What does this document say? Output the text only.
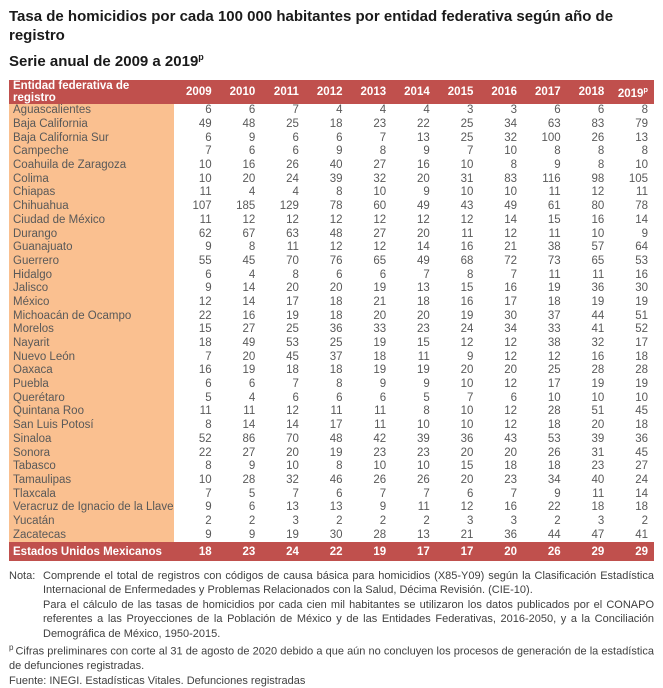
Tasa de homicidios por cada 100 000 habitantes por entidad federativa según año de registro
Serie anual de 2009 a 2019$^p$
Entidad federativa de registro	2009	2010	2011	2012	2013	2014	2015	2016	2017	2018	2019$^p$
Aguascalientes	6	6	7	4	4	4	3	3	6	6	8
Baja California	49	48	25	18	23	22	25	34	63	83	79
Baja California Sur	6	9	6	6	7	13	25	32	100	26	13
Campeche	7	6	6	9	8	9	7	10	8	8	8
Coahuila de Zaragoza	10	16	26	40	27	16	10	8	9	8	10
Colima	10	20	24	39	32	20	31	83	116	98	105
Chiapas	11	4	4	8	10	9	10	10	11	12	11
Chihuahua	107	185	129	78	60	49	43	49	61	80	78
Ciudad de México	11	12	12	12	12	12	12	14	15	16	14
Durango	62	67	63	48	27	20	11	12	11	10	9
Guanajuato	9	8	11	12	12	14	16	21	38	57	64
Guerrero	55	45	70	76	65	49	68	72	73	65	53
Hidalgo	6	4	8	6	6	7	8	7	11	11	16
Jalisco	9	14	20	20	19	13	15	16	19	36	30
México	12	14	17	18	21	18	16	17	18	19	19
Michoacán de Ocampo	22	16	19	18	20	20	19	30	37	44	51
Morelos	15	27	25	36	33	23	24	34	33	41	52
Nayarit	18	49	53	25	19	15	12	12	38	32	17
Nuevo León	7	20	45	37	18	11	9	12	12	16	18
Oaxaca	16	19	18	18	19	19	20	20	25	28	28
Puebla	6	6	7	8	9	9	10	12	17	19	19
Querétaro	5	4	6	6	6	5	7	6	10	10	10
Quintana Roo	11	11	12	11	11	8	10	12	28	51	45
San Luis Potosí	8	14	14	17	11	10	10	12	18	20	18
Sinaloa	52	86	70	48	42	39	36	43	53	39	36
Sonora	22	27	20	19	23	23	20	20	26	31	45
Tabasco	8	9	10	8	10	10	15	18	18	23	27
Tamaulipas	10	28	32	46	26	26	20	23	34	40	24
Tlaxcala	7	5	7	6	7	7	6	7	9	11	14
Veracruz de Ignacio de la Llave	9	6	13	13	9	11	12	16	22	18	18
Yucatán	2	2	3	2	2	2	3	3	2	3	2
Zacatecas	9	9	19	30	28	13	21	36	44	47	41
Estados Unidos Mexicanos	18	23	24	22	19	17	17	20	26	29	29

Nota: Comprende el total de registros con códigos de causa básica para homicidios (X85-Y09) según la Clasificación Estadística Internacional de Enfermedades y Problemas Relacionados con la Salud, Décima Revisión. (CIE-10).

Para el cálculo de las tasas de homicidios por cada cien mil habitantes se utilizaron los datos publicados por el CONAPO referentes a las Proyecciones de la Población de México y de las Entidades Federativas, 2016-2050, y a la Conciliación Demográfica de México, 1950-2015.

$^p$ Cifras preliminares con corte al 31 de agosto de 2020 debido a que aún no concluyen los procesos de generación de la estadística de defunciones registradas.

Fuente: INEGI. Estadísticas Vitales. Defunciones registradas
